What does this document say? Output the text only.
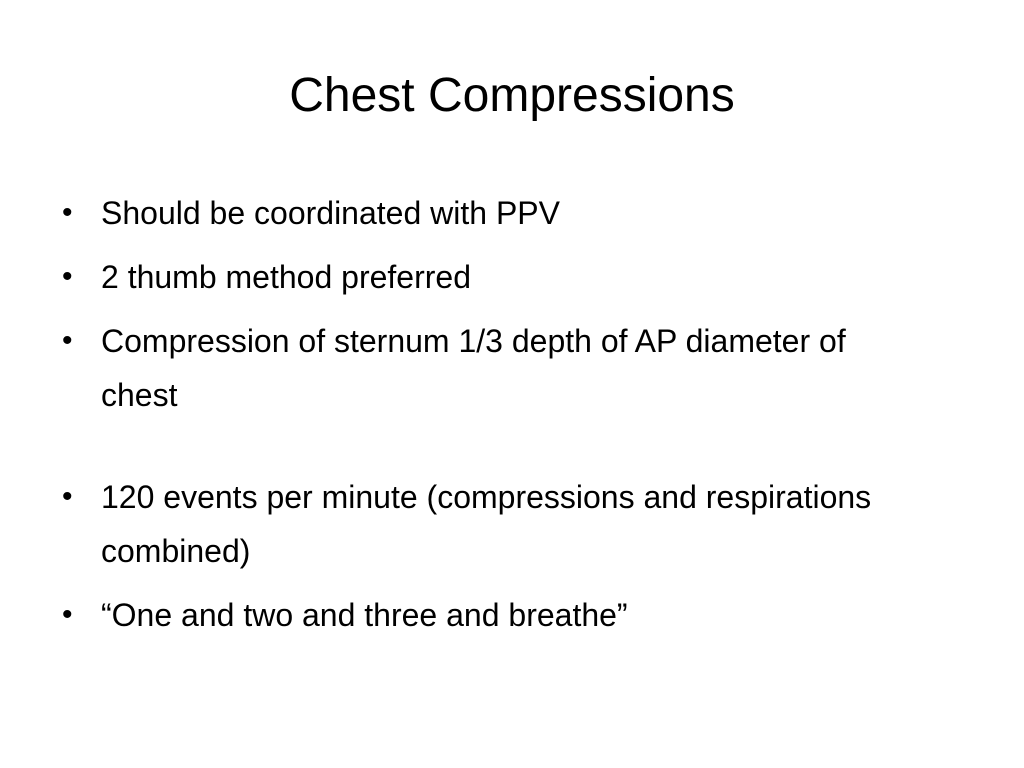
Chest Compressions
• Should be coordinated with PPV
• 2 thumb method preferred
• Compression of sternum 1/3 depth of AP diameter of chest
• 120 events per minute (compressions and respirations combined)
• “One and two and three and breathe”
